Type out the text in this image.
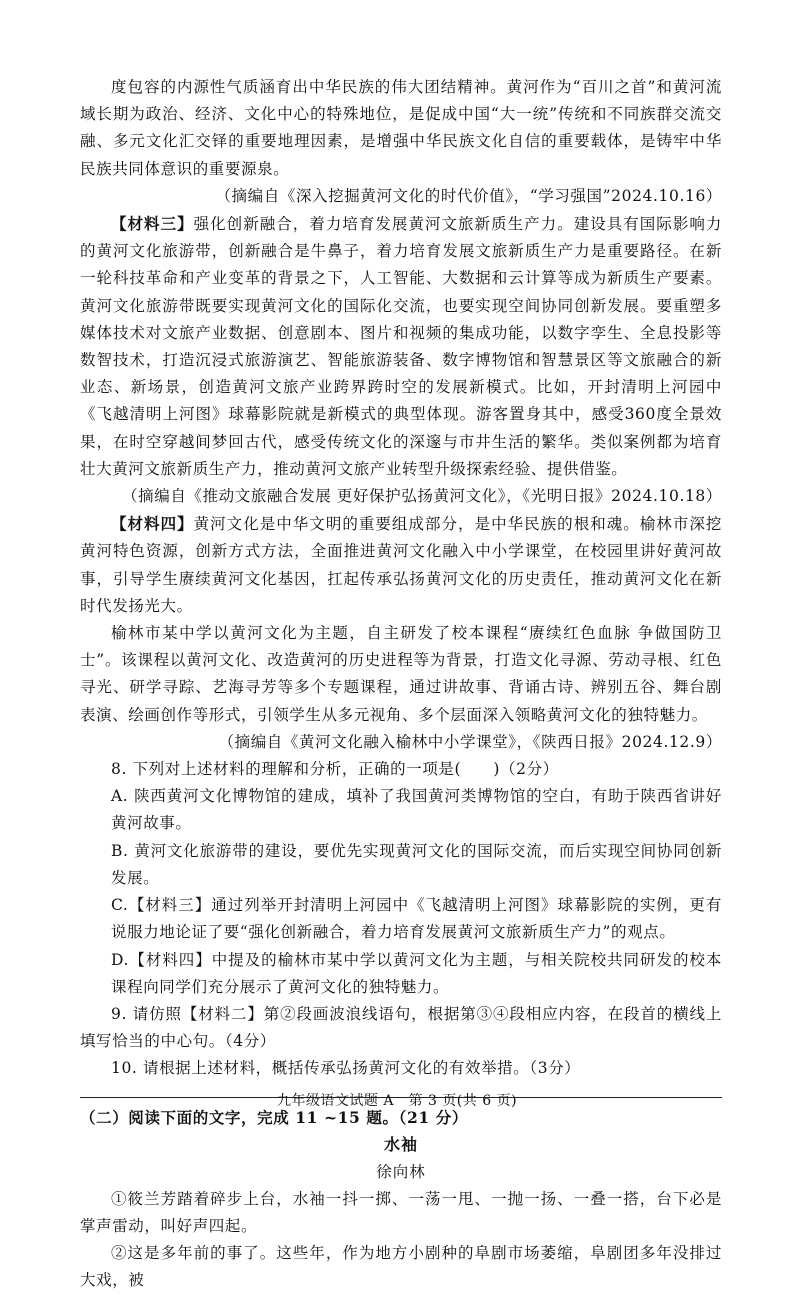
度包容的内源性气质涵育出中华民族的伟大团结精神。黄河作为“百川之首”和黄河流域长期为政治、经济、文化中心的特殊地位，是促成中国“大一统”传统和不同族群交流交融、多元文化汇交铎的重要地理因素，是增强中华民族文化自信的重要载体，是铸牢中华民族共同体意识的重要源泉。

（摘编自《深入挖掘黄河文化的时代价值》，“学习强国”2024.10.16）

【材料三】强化创新融合，着力培育发展黄河文旅新质生产力。建设具有国际影响力的黄河文化旅游带，创新融合是牛鼻子，着力培育发展文旅新质生产力是重要路径。在新一轮科技革命和产业变革的背景之下，人工智能、大数据和云计算等成为新质生产要素。黄河文化旅游带既要实现黄河文化的国际化交流，也要实现空间协同创新发展。要重塑多媒体技术对文旅产业数据、创意剧本、图片和视频的集成功能，以数字孪生、全息投影等数智技术，打造沉浸式旅游演艺、智能旅游装备、数字博物馆和智慧景区等文旅融合的新业态、新场景，创造黄河文旅产业跨界跨时空的发展新模式。比如，开封清明上河园中《飞越清明上河图》球幕影院就是新模式的典型体现。游客置身其中，感受360度全景效果，在时空穿越间梦回古代，感受传统文化的深邃与市井生活的繁华。类似案例都为培育壮大黄河文旅新质生产力，推动黄河文旅产业转型升级探索经验、提供借鉴。

（摘编自《推动文旅融合发展 更好保护弘扬黄河文化》，《光明日报》2024.10.18）

【材料四】黄河文化是中华文明的重要组成部分，是中华民族的根和魂。榆林市深挖黄河特色资源，创新方式方法，全面推进黄河文化融入中小学课堂，在校园里讲好黄河故事，引导学生赓续黄河文化基因，扛起传承弘扬黄河文化的历史责任，推动黄河文化在新时代发扬光大。

榆林市某中学以黄河文化为主题，自主研发了校本课程“赓续红色血脉 争做国防卫士”。该课程以黄河文化、改造黄河的历史进程等为背景，打造文化寻源、劳动寻根、红色寻光、研学寻踪、艺海寻芳等多个专题课程，通过讲故事、背诵古诗、辨别五谷、舞台剧表演、绘画创作等形式，引领学生从多元视角、多个层面深入领略黄河文化的独特魅力。

（摘编自《黄河文化融入榆林中小学课堂》，《陕西日报》2024.12.9）

8. 下列对上述材料的理解和分析，正确的一项是(　　)（2分）

A. 陕西黄河文化博物馆的建成，填补了我国黄河类博物馆的空白，有助于陕西省讲好黄河故事。

B. 黄河文化旅游带的建设，要优先实现黄河文化的国际交流，而后实现空间协同创新发展。

C.【材料三】通过列举开封清明上河园中《飞越清明上河图》球幕影院的实例，更有说服力地论证了要“强化创新融合，着力培育发展黄河文旅新质生产力”的观点。

D.【材料四】中提及的榆林市某中学以黄河文化为主题，与相关院校共同研发的校本课程向同学们充分展示了黄河文化的独特魅力。

9. 请仿照【材料二】第②段画波浪线语句，根据第③④段相应内容，在段首的横线上填写恰当的中心句。（4分）

10. 请根据上述材料，概括传承弘扬黄河文化的有效举措。（3分）

（二）阅读下面的文字，完成 11 ~15 题。（21 分）

水袖

徐向林

①筱兰芳踏着碎步上台，水袖一抖一掷、一荡一甩、一抛一扬、一叠一搭，台下必是掌声雷动，叫好声四起。

②这是多年前的事了。这些年，作为地方小剧种的阜剧市场萎缩，阜剧团多年没排过大戏，被

九年级语文试题 A　第 3 页(共 6 页)
